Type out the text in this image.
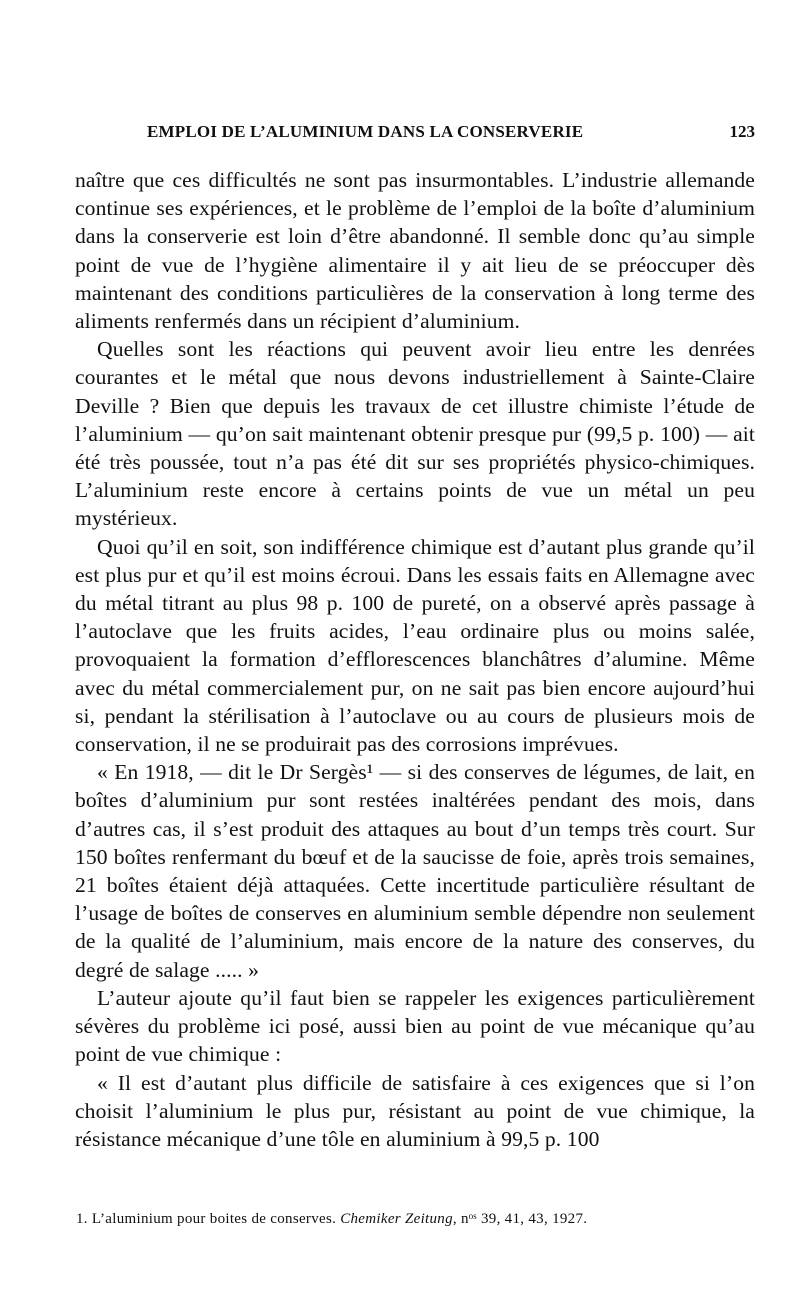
EMPLOI DE L’ALUMINIUM DANS LA CONSERVERIE	123

naître que ces difficultés ne sont pas insurmontables. L’industrie allemande continue ses expériences, et le problème de l’emploi de la boîte d’aluminium dans la conserverie est loin d’être abandonné. Il semble donc qu’au simple point de vue de l’hygiène alimentaire il y ait lieu de se préoccuper dès maintenant des conditions particulières de la conservation à long terme des aliments renfermés dans un récipient d’aluminium.

Quelles sont les réactions qui peuvent avoir lieu entre les denrées courantes et le métal que nous devons industriellement à Sainte-Claire Deville ? Bien que depuis les travaux de cet illustre chimiste l’étude de l’aluminium — qu’on sait maintenant obtenir presque pur (99,5 p. 100) — ait été très poussée, tout n’a pas été dit sur ses propriétés physico-chimiques. L’aluminium reste encore à certains points de vue un métal un peu mystérieux.

Quoi qu’il en soit, son indifférence chimique est d’autant plus grande qu’il est plus pur et qu’il est moins écroui. Dans les essais faits en Allemagne avec du métal titrant au plus 98 p. 100 de pureté, on a observé après passage à l’autoclave que les fruits acides, l’eau ordinaire plus ou moins salée, provoquaient la formation d’efflorescences blanchâtres d’alumine. Même avec du métal commercialement pur, on ne sait pas bien encore aujourd’hui si, pendant la stérilisation à l’autoclave ou au cours de plusieurs mois de conservation, il ne se produirait pas des corrosions imprévues.

« En 1918, — dit le Dr Sergès¹ — si des conserves de légumes, de lait, en boîtes d’aluminium pur sont restées inaltérées pendant des mois, dans d’autres cas, il s’est produit des attaques au bout d’un temps très court. Sur 150 boîtes renfermant du bœuf et de la saucisse de foie, après trois semaines, 21 boîtes étaient déjà attaquées. Cette incertitude particulière résultant de l’usage de boîtes de conserves en aluminium semble dépendre non seulement de la qualité de l’aluminium, mais encore de la nature des conserves, du degré de salage ..... »

L’auteur ajoute qu’il faut bien se rappeler les exigences particulièrement sévères du problème ici posé, aussi bien au point de vue mécanique qu’au point de vue chimique :

« Il est d’autant plus difficile de satisfaire à ces exigences que si l’on choisit l’aluminium le plus pur, résistant au point de vue chimique, la résistance mécanique d’une tôle en aluminium à 99,5 p. 100

1. L’aluminium pour boites de conserves. Chemiker Zeitung, nᵒˢ 39, 41, 43, 1927.
